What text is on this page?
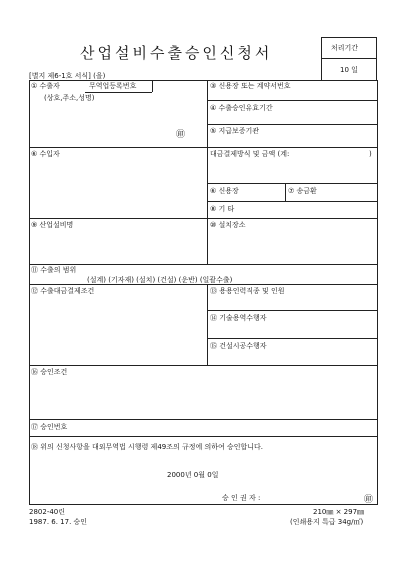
산업설비수출승인신청서	처리기간
10 일
[별지 제6-1호 서식] (을)
① 수출자	무역업등록번호
(상호,주소,성명)
㊞
③ 신용장 또는 계약서번호
④ 수출승인유효기간
⑤ 지급보증기관
⑥ 수입자	대금결제방식 및 금액 (계:	)
⑥ 신용장	⑦ 송금환
⑧ 기 타
⑨ 산업설비명	⑩ 설치장소
⑪ 수출의 범위
(설계) (기자재) (설치) (건설) (운반) (일괄수출)
⑫ 수출대금결제조건	⑬ 용용인력직종 및 인원
⑭ 기술용역수행자
⑮ 건설시공수행자
⑯ 승인조건
⑰ 승인번호
⑱ 위의 신청사항을 대외무역법 시행령 제49조의 규정에 의하여 승인합니다.
2000년 0월 0일
승 인 권 자 :	㊞
2802-40린
1987. 6. 17. 승인
210㎜ × 297㎜
(인쇄용지 특급 34g/㎡)
